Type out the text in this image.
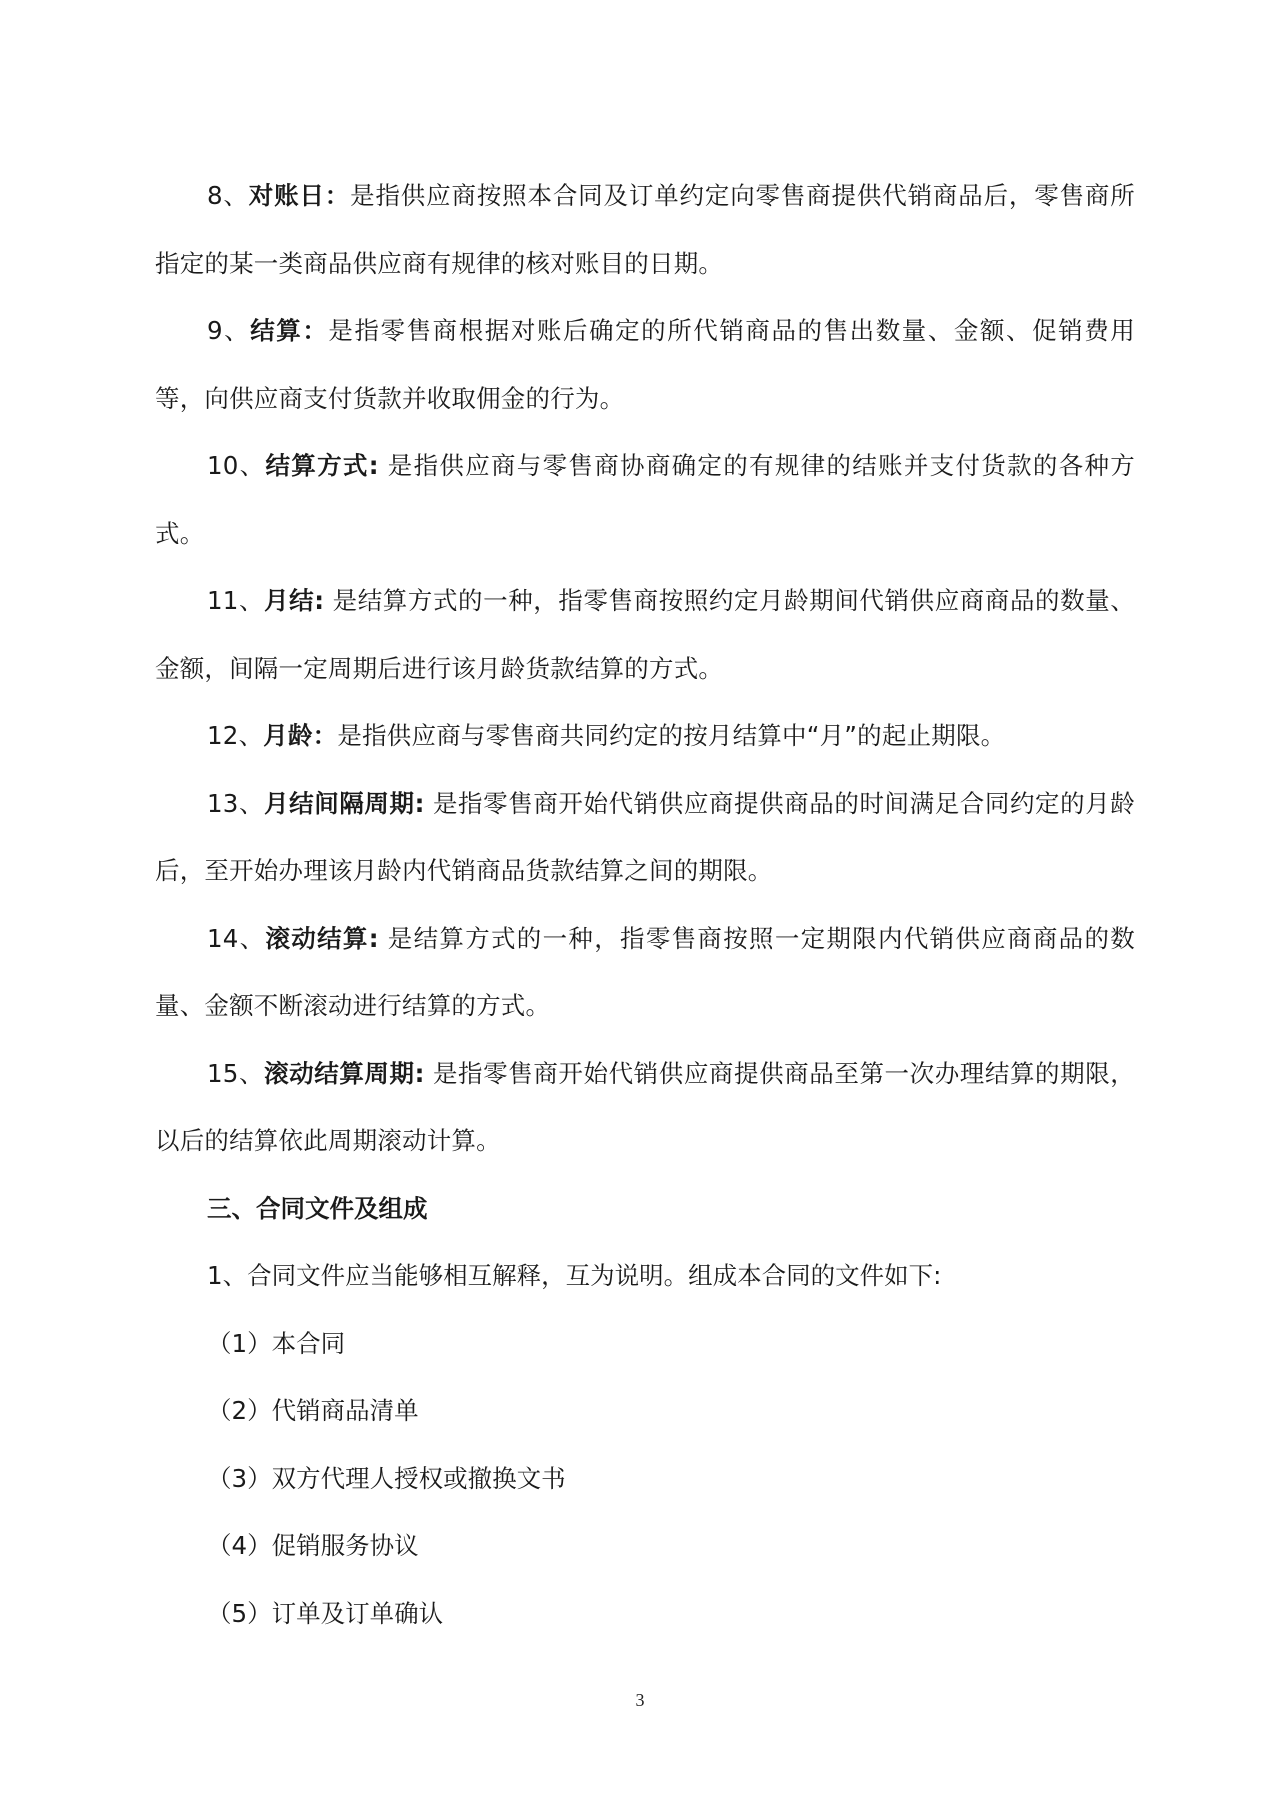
8、对账日：是指供应商按照本合同及订单约定向零售商提供代销商品后，零售商所指定的某一类商品供应商有规律的核对账目的日期。

9、结算：是指零售商根据对账后确定的所代销商品的售出数量、金额、促销费用等，向供应商支付货款并收取佣金的行为。

10、结算方式: 是指供应商与零售商协商确定的有规律的结账并支付货款的各种方式。

11、月结: 是结算方式的一种，指零售商按照约定月龄期间代销供应商商品的数量、金额，间隔一定周期后进行该月龄货款结算的方式。

12、月龄：是指供应商与零售商共同约定的按月结算中“月”的起止期限。

13、月结间隔周期: 是指零售商开始代销供应商提供商品的时间满足合同约定的月龄后，至开始办理该月龄内代销商品货款结算之间的期限。

14、滚动结算: 是结算方式的一种，指零售商按照一定期限内代销供应商商品的数量、金额不断滚动进行结算的方式。

15、滚动结算周期: 是指零售商开始代销供应商提供商品至第一次办理结算的期限，以后的结算依此周期滚动计算。

三、合同文件及组成

1、合同文件应当能够相互解释，互为说明。组成本合同的文件如下:

（1）本合同

（2）代销商品清单

（3）双方代理人授权或撤换文书

（4）促销服务协议

（5）订单及订单确认

3
